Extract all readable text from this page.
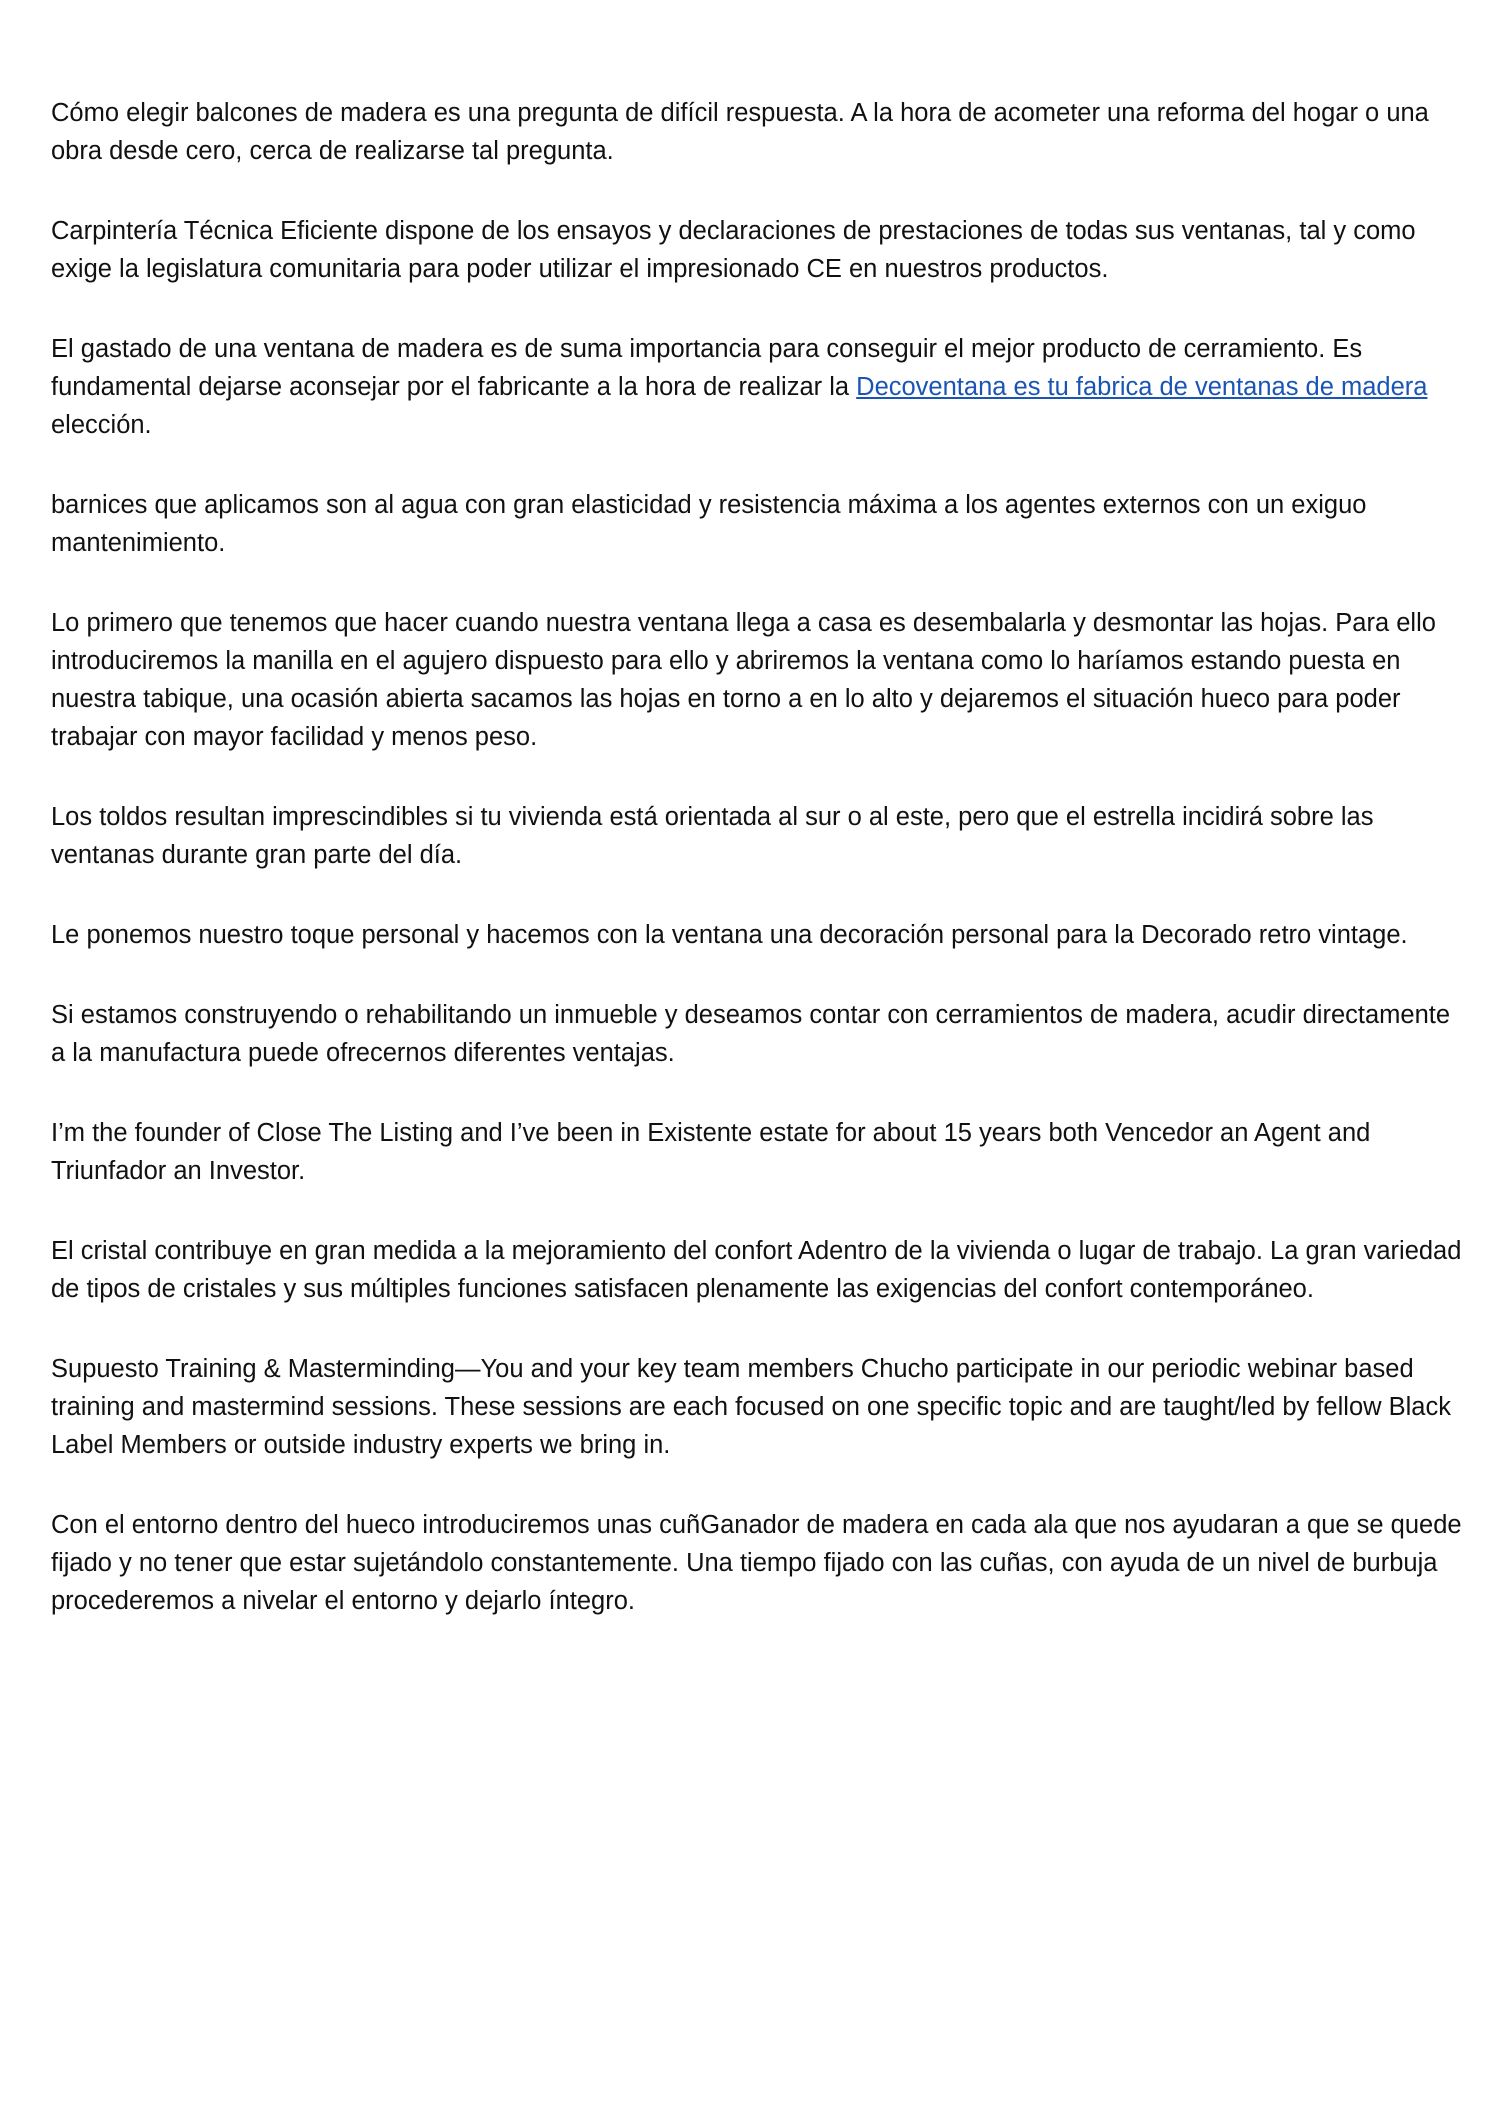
Cómo elegir balcones de madera es una pregunta de difícil respuesta. A la hora de acometer una reforma del hogar o una obra desde cero, cerca de realizarse tal pregunta.

Carpintería Técnica Eficiente dispone de los ensayos y declaraciones de prestaciones de todas sus ventanas, tal y como exige la legislatura comunitaria para poder utilizar el impresionado CE en nuestros productos.

El gastado de una ventana de madera es de suma importancia para conseguir el mejor producto de cerramiento. Es fundamental dejarse aconsejar por el fabricante a la hora de realizar la Decoventana es tu fabrica de ventanas de madera elección.

barnices que aplicamos son al agua con gran elasticidad y resistencia máxima a los agentes externos con un exiguo mantenimiento.

Lo primero que tenemos que hacer cuando nuestra ventana llega a casa es desembalarla y desmontar las hojas. Para ello introduciremos la manilla en el agujero dispuesto para ello y abriremos la ventana como lo haríamos estando puesta en nuestra tabique, una ocasión abierta sacamos las hojas en torno a en lo alto y dejaremos el situación hueco para poder trabajar con mayor facilidad y menos peso.

Los toldos resultan imprescindibles si tu vivienda está orientada al sur o al este, pero que el estrella incidirá sobre las ventanas durante gran parte del día.

Le ponemos nuestro toque personal y hacemos con la ventana una decoración personal para la Decorado retro vintage.

Si estamos construyendo o rehabilitando un inmueble y deseamos contar con cerramientos de madera, acudir directamente a la manufactura puede ofrecernos diferentes ventajas.

I’m the founder of Close The Listing and I’ve been in Existente estate for about 15 years both Vencedor an Agent and Triunfador an Investor.

El cristal contribuye en gran medida a la mejoramiento del confort Adentro de la vivienda o lugar de trabajo. La gran variedad de tipos de cristales y sus múltiples funciones satisfacen plenamente las exigencias del confort contemporáneo.

Supuesto Training & Masterminding—You and your key team members Chucho participate in our periodic webinar based training and mastermind sessions. These sessions are each focused on one specific topic and are taught/led by fellow Black Label Members or outside industry experts we bring in.

Con el entorno dentro del hueco introduciremos unas cuñGanador de madera en cada ala que nos ayudaran a que se quede fijado y no tener que estar sujetándolo constantemente. Una tiempo fijado con las cuñas, con ayuda de un nivel de burbuja procederemos a nivelar el entorno y dejarlo íntegro.
